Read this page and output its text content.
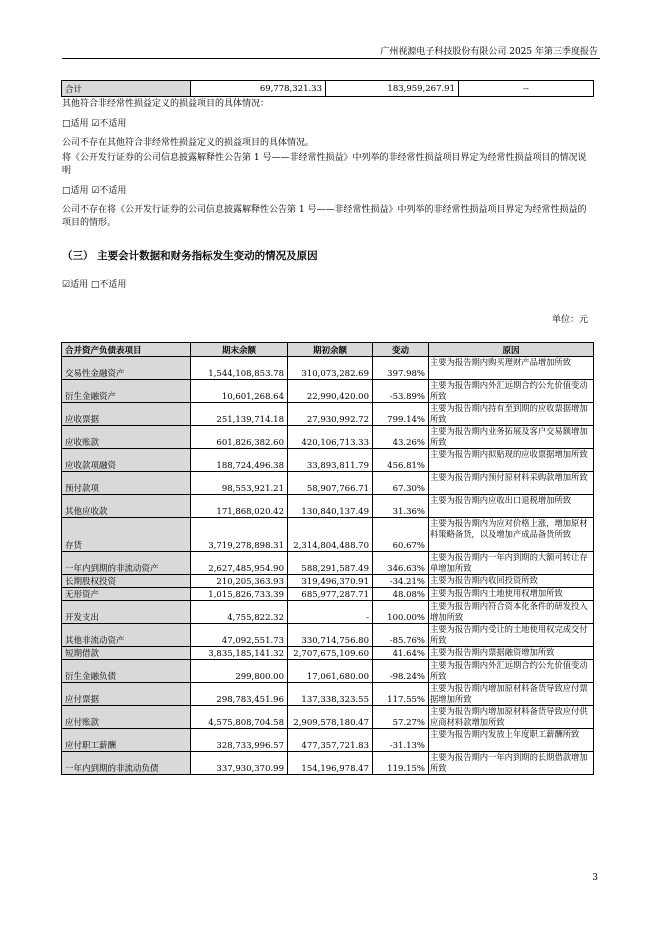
广州视源电子科技股份有限公司 2025 年第三季度报告
合计	69,778,321.33	183,959,267.91	--
其他符合非经常性损益定义的损益项目的具体情况：
□适用 ☑不适用
公司不存在其他符合非经常性损益定义的损益项目的具体情况。
将《公开发行证券的公司信息披露解释性公告第 1 号——非经常性损益》中列举的非经常性损益项目界定为经常性损益项目的情况说明
□适用 ☑不适用
公司不存在将《公开发行证券的公司信息披露解释性公告第 1 号——非经常性损益》中列举的非经常性损益项目界定为经常性损益的项目的情形。
（三） 主要会计数据和财务指标发生变动的情况及原因
☑适用 □不适用
单位：元
合并资产负债表项目	期末余额	期初余额	变动	原因
交易性金融资产	1,544,108,853.78	310,073,282.69	397.98%	主要为报告期内购买理财产品增加所致
衍生金融资产	10,601,268.64	22,990,420.00	-53.89%	主要为报告期内外汇远期合约公允价值变动所致
应收票据	251,139,714.18	27,930,992.72	799.14%	主要为报告期内持有至到期的应收票据增加所致
应收账款	601,826,382.60	420,106,713.33	43.26%	主要为报告期内业务拓展及客户交易额增加所致
应收款项融资	188,724,496.38	33,893,811.79	456.81%	主要为报告期内拟贴现的应收票据增加所致
预付款项	98,553,921.21	58,907,766.71	67.30%	主要为报告期内预付原材料采购款增加所致
其他应收款	171,868,020.42	130,840,137.49	31.36%	主要为报告期内应收出口退税增加所致
存货	3,719,278,898.31	2,314,804,488.70	60.67%	主要为报告期内为应对价格上涨，增加原材料策略备货，以及增加产成品备货所致
一年内到期的非流动资产	2,627,485,954.90	588,291,587.49	346.63%	主要为报告期内一年内到期的大额可转让存单增加所致
长期股权投资	210,205,363.93	319,496,370.91	-34.21%	主要为报告期内收回投资所致
无形资产	1,015,826,733.39	685,977,287.71	48.08%	主要为报告期内土地使用权增加所致
开发支出	4,755,822.32	-	100.00%	主要为报告期内符合资本化条件的研发投入增加所致
其他非流动资产	47,092,551.73	330,714,756.80	-85.76%	主要为报告期内受让的土地使用权完成交付所致
短期借款	3,835,185,141.32	2,707,675,109.60	41.64%	主要为报告期内票据融资增加所致
衍生金融负债	299,800.00	17,061,680.00	-98.24%	主要为报告期内外汇远期合约公允价值变动所致
应付票据	298,783,451.96	137,338,323.55	117.55%	主要为报告期内增加原材料备货导致应付票据增加所致
应付账款	4,575,808,704.58	2,909,578,180.47	57.27%	主要为报告期内增加原材料备货导致应付供应商材料款增加所致
应付职工薪酬	328,733,996.57	477,357,721.83	-31.13%	主要为报告期内发放上年度职工薪酬所致
一年内到期的非流动负债	337,930,370.99	154,196,978.47	119.15%	主要为报告期内一年内到期的长期借款增加所致
3
